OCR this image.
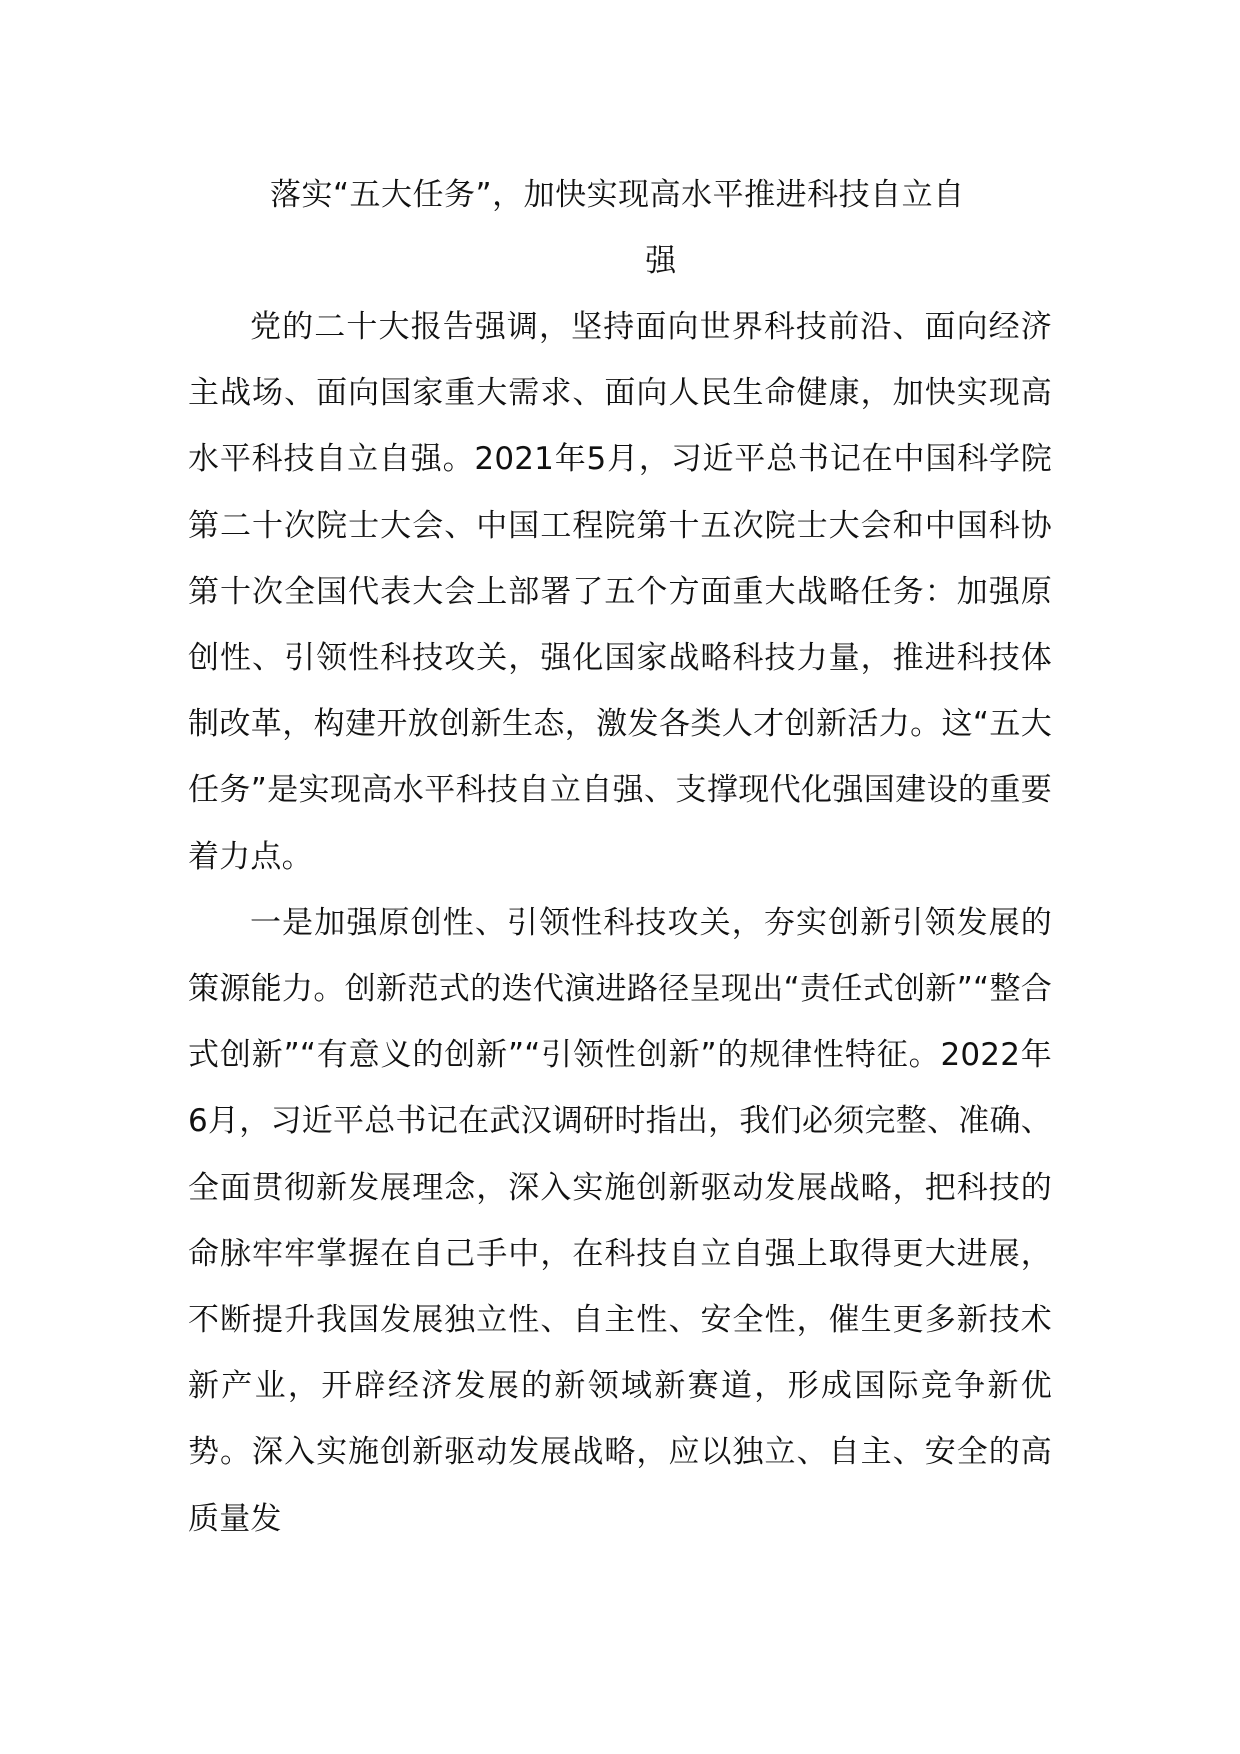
落实“五大任务”，加快实现高水平推进科技自立自
强

党的二十大报告强调，坚持面向世界科技前沿、面向经济主战场、面向国家重大需求、面向人民生命健康，加快实现高水平科技自立自强。2021年5月，习近平总书记在中国科学院第二十次院士大会、中国工程院第十五次院士大会和中国科协第十次全国代表大会上部署了五个方面重大战略任务：加强原创性、引领性科技攻关，强化国家战略科技力量，推进科技体制改革，构建开放创新生态，激发各类人才创新活力。这“五大任务”是实现高水平科技自立自强、支撑现代化强国建设的重要着力点。

一是加强原创性、引领性科技攻关，夯实创新引领发展的策源能力。创新范式的迭代演进路径呈现出“责任式创新”“整合式创新”“有意义的创新”“引领性创新”的规律性特征。2022年6月，习近平总书记在武汉调研时指出，我们必须完整、准确、全面贯彻新发展理念，深入实施创新驱动发展战略，把科技的命脉牢牢掌握在自己手中，在科技自立自强上取得更大进展，不断提升我国发展独立性、自主性、安全性，催生更多新技术新产业，开辟经济发展的新领域新赛道，形成国际竞争新优势。深入实施创新驱动发展战略，应以独立、自主、安全的高质量发
